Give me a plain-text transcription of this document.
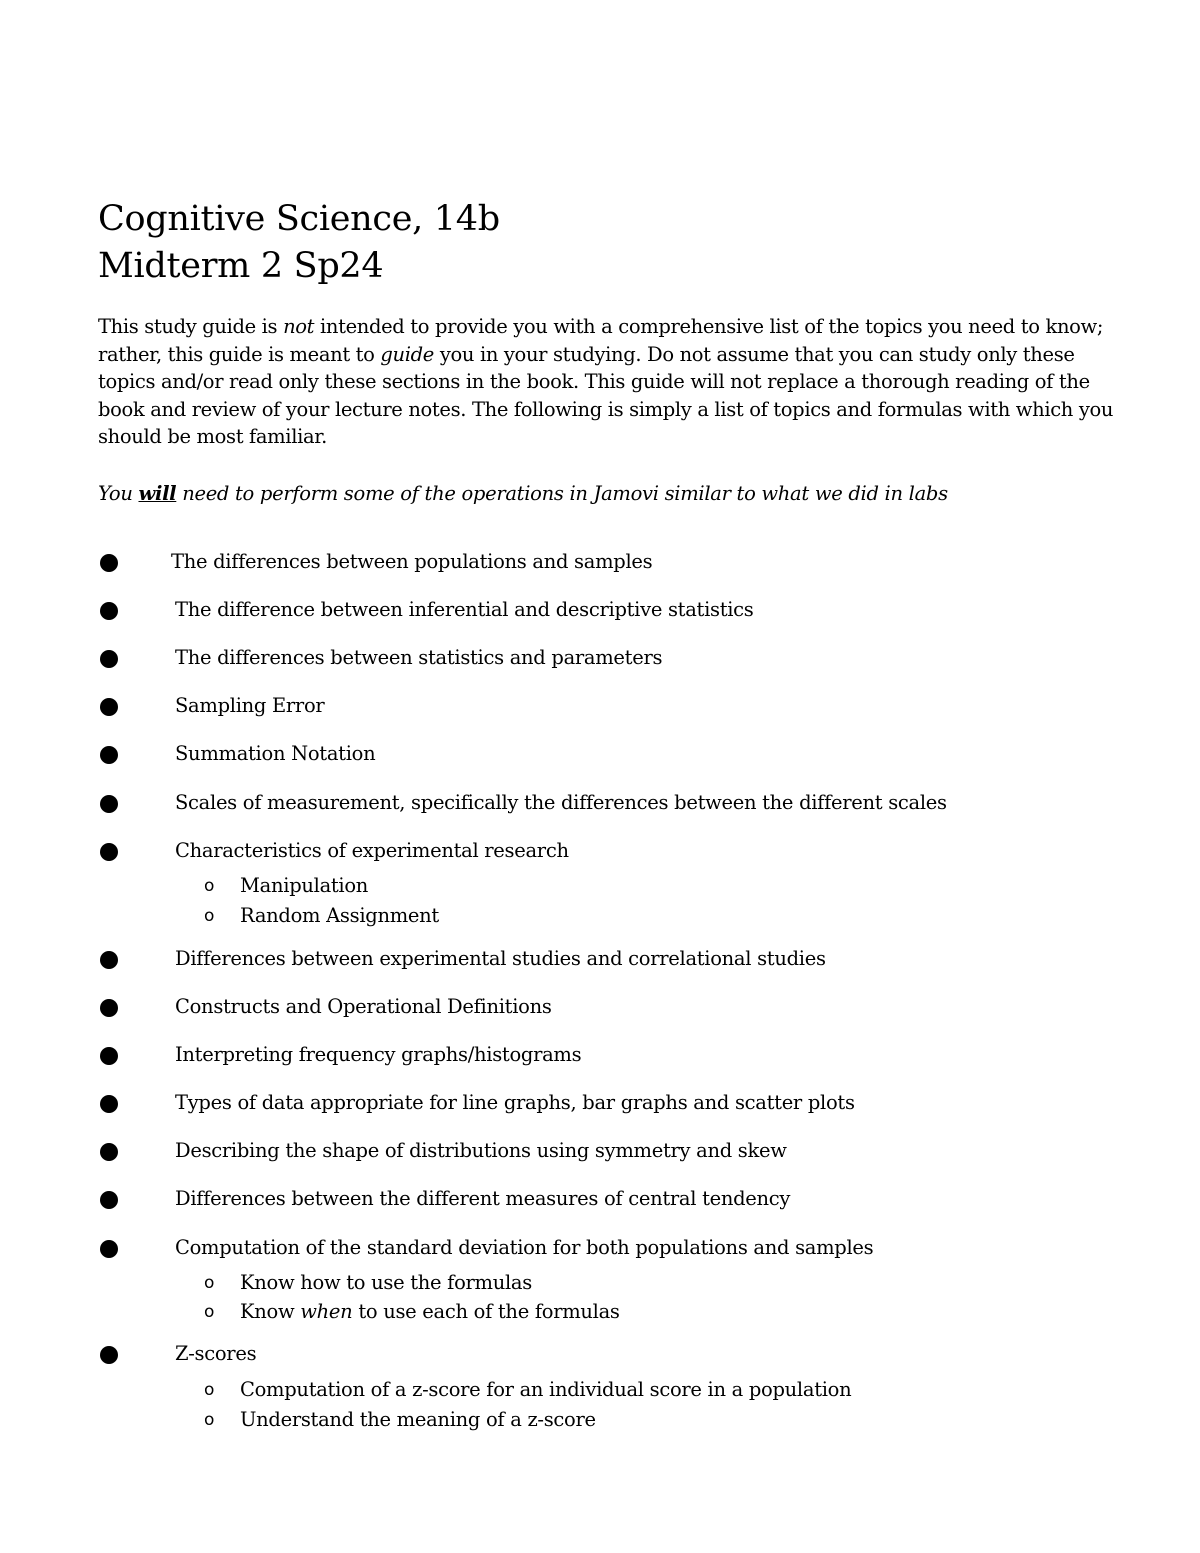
Cognitive Science, 14b
Midterm 2 Sp24

This study guide is not intended to provide you with a comprehensive list of the topics you need to know; rather, this guide is meant to guide you in your studying. Do not assume that you can study only these topics and/or read only these sections in the book. This guide will not replace a thorough reading of the book and review of your lecture notes. The following is simply a list of topics and formulas with which you should be most familiar.

You will need to perform some of the operations in Jamovi similar to what we did in labs

The differences between populations and samples
The difference between inferential and descriptive statistics
The differences between statistics and parameters
Sampling Error
Summation Notation
Scales of measurement, specifically the differences between the different scales
Characteristics of experimental research
o Manipulation
o Random Assignment
Differences between experimental studies and correlational studies
Constructs and Operational Definitions
Interpreting frequency graphs/histograms
Types of data appropriate for line graphs, bar graphs and scatter plots
Describing the shape of distributions using symmetry and skew
Differences between the different measures of central tendency
Computation of the standard deviation for both populations and samples
o Know how to use the formulas
o Know when to use each of the formulas
Z-scores
o Computation of a z-score for an individual score in a population
o Understand the meaning of a z-score
